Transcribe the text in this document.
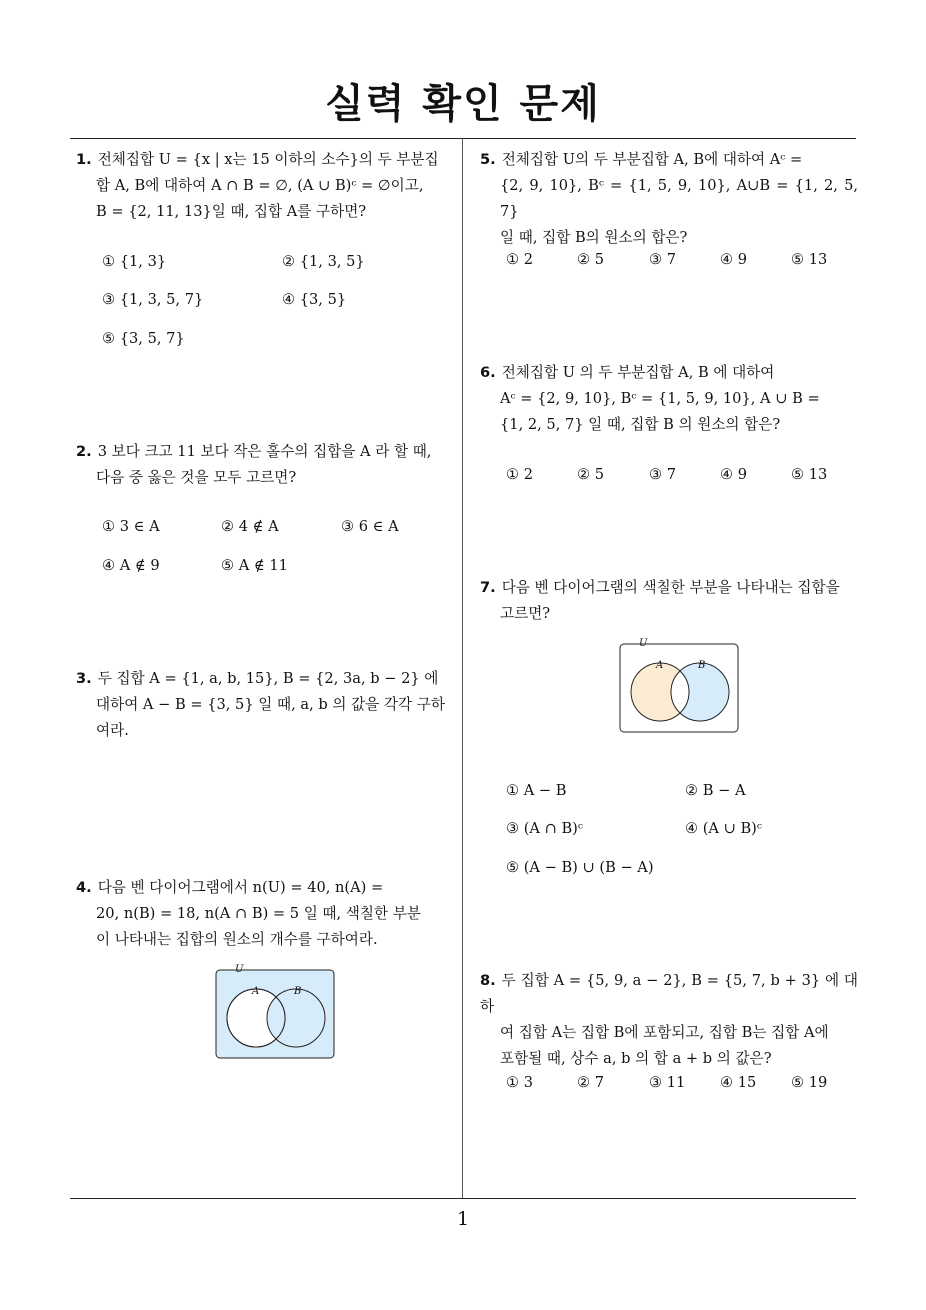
실력 확인 문제
1
1. 전체집합 U = {x | x는 15 이하의 소수}의 두 부분집
합 A, B에 대하여 A ∩ B = ∅, (A ∪ B)ᶜ = ∅이고,
B = {2, 11, 13}일 때, 집합 A를 구하면?
① {1, 3}	② {1, 3, 5}
③ {1, 3, 5, 7}	④ {3, 5}
⑤ {3, 5, 7}
2. 3 보다 크고 11 보다 작은 홀수의 집합을 A 라 할 때,
다음 중 옳은 것을 모두 고르면?
① 3 ∈ A	② 4 ∉ A	③ 6 ∈ A
④ A ∉ 9	⑤ A ∉ 11
3. 두 집합 A = {1, a, b, 15}, B = {2, 3a, b − 2} 에
대하여 A − B = {3, 5} 일 때, a, b 의 값을 각각 구하
여라.
4. 다음 벤 다이어그램에서 n(U) = 40, n(A) =
20, n(B) = 18, n(A ∩ B) = 5 일 때, 색칠한 부분
이 나타내는 집합의 원소의 개수를 구하여라.
U
A	B
5. 전체집합 U의 두 부분집합 A, B에 대하여 Aᶜ =
{2, 9, 10}, Bᶜ = {1, 5, 9, 10}, A∪B = {1, 2, 5, 7}
일 때, 집합 B의 원소의 합은?
① 2	② 5	③ 7	④ 9	⑤ 13
6. 전체집합 U 의 두 부분집합 A, B 에 대하여
Aᶜ = {2, 9, 10}, Bᶜ = {1, 5, 9, 10}, A ∪ B =
{1, 2, 5, 7} 일 때, 집합 B 의 원소의 합은?
① 2	② 5	③ 7	④ 9	⑤ 13
7. 다음 벤 다이어그램의 색칠한 부분을 나타내는 집합을
고르면?
U
A	B
① A − B	② B − A
③ (A ∩ B)ᶜ	④ (A ∪ B)ᶜ
⑤ (A − B) ∪ (B − A)
8. 두 집합 A = {5, 9, a − 2}, B = {5, 7, b + 3} 에 대하
여 집합 A는 집합 B에 포함되고, 집합 B는 집합 A에
포함될 때, 상수 a, b 의 합 a + b 의 값은?
① 3	② 7	③ 11 ④ 15 ⑤ 19
